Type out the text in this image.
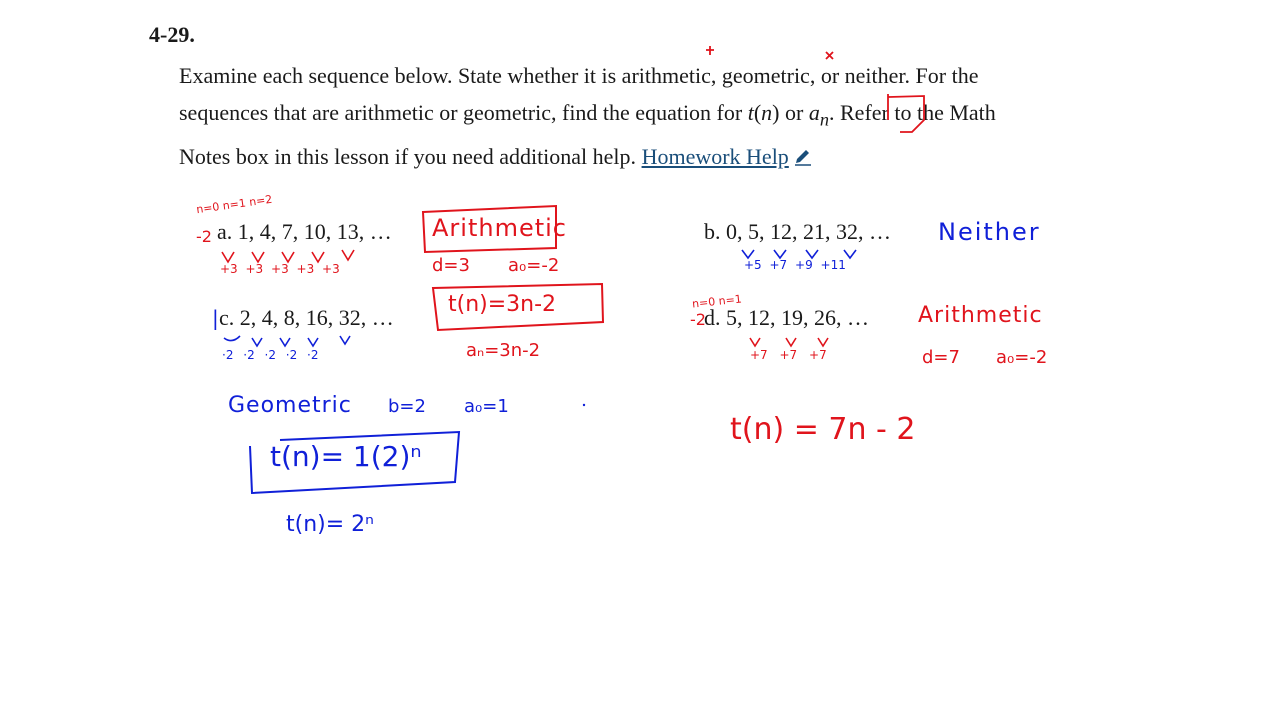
4-29.
Examine each sequence below. State whether it is arithmetic, geometric, or neither. For the
sequences that are arithmetic or geometric, find the equation for t(n) or $a_n$. Refer to the Math
Notes box in this lesson if you need additional help. Homework Help
a. 1, 4, 7, 10, 13, …	b. 0, 5, 12, 21, 32, …
c. 2, 4, 8, 16, 32, …	d. 5, 12, 19, 26, …
n=0 n=1 n=2
-2
+3 +3 +3 +3 +3
Arithmetic
d=3 a₀=-2
t(n)=3n-2
aₙ=3n-2
Neither
+5 +7 +9 +11
|
·2 ·2 ·2 ·2 ·2
Geometric b=2 a₀=1
t(n)= 1(2)ⁿ
t(n)= 2ⁿ
n=0 n=1
-2
+7 +7 +7
Arithmetic
d=7 a₀=-2
t(n) = 7n - 2
